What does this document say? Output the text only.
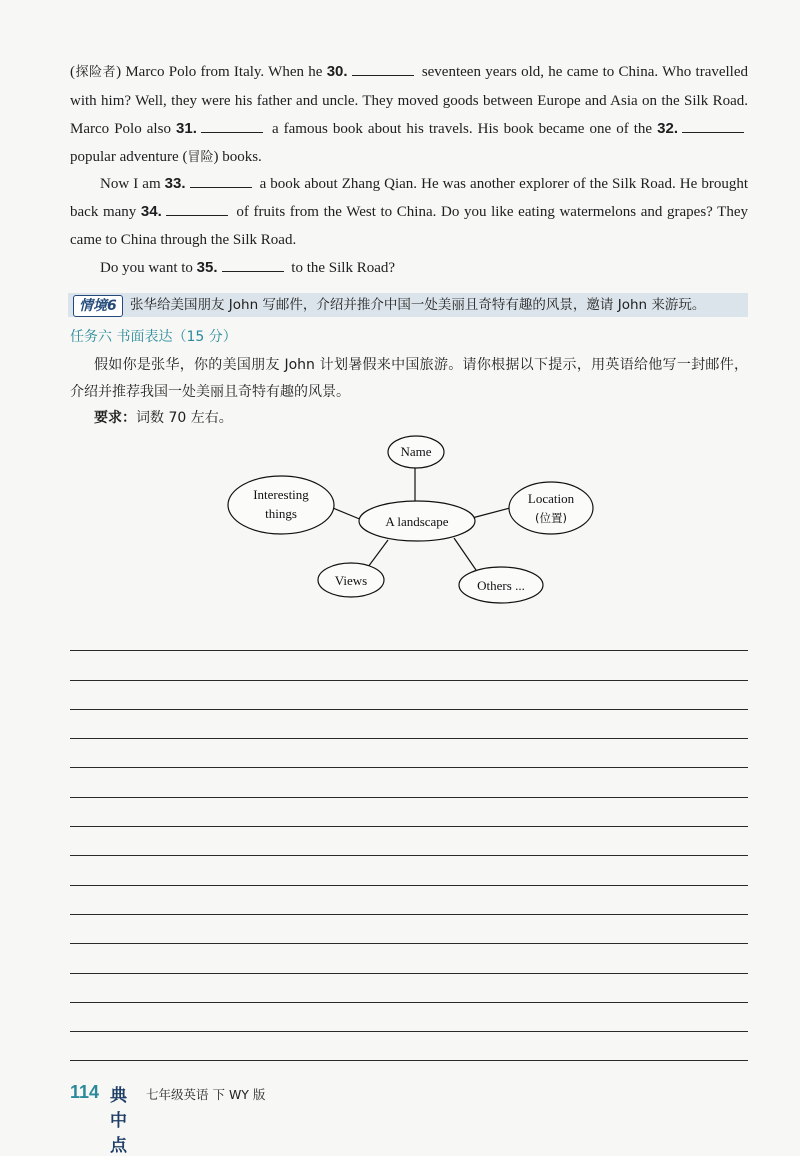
(探险者) Marco Polo from Italy. When he 30.	seventeen years old, he came to China. Who travelled with him? Well, they were his father and uncle. They moved goods between Europe and Asia on the Silk Road. Marco Polo also 31.	a famous book about his travels. His book became one of the 32. popular adventure (冒险) books.

Now I am 33.	a book about Zhang Qian. He was another explorer of the Silk Road. He brought back many 34.	of fruits from the West to China. Do you like eating watermelons and grapes? They came to China through the Silk Road.

Do you want to 35.	to the Silk Road?

情境6 张华给美国朋友 John 写邮件，介绍并推介中国一处美丽且奇特有趣的风景，邀请 John 来游玩。
任务六 书面表达（15 分）

假如你是张华，你的美国朋友 John 计划暑假来中国旅游。请你根据以下提示，用英语给他写一封邮件，介绍并推荐我国一处美丽且奇特有趣的风景。

要求：词数 70 左右。
A landscape
Name
Interesting
things
Location
(位置)
Views	Others ...
114 典中点
七年级英语 下 WY 版
